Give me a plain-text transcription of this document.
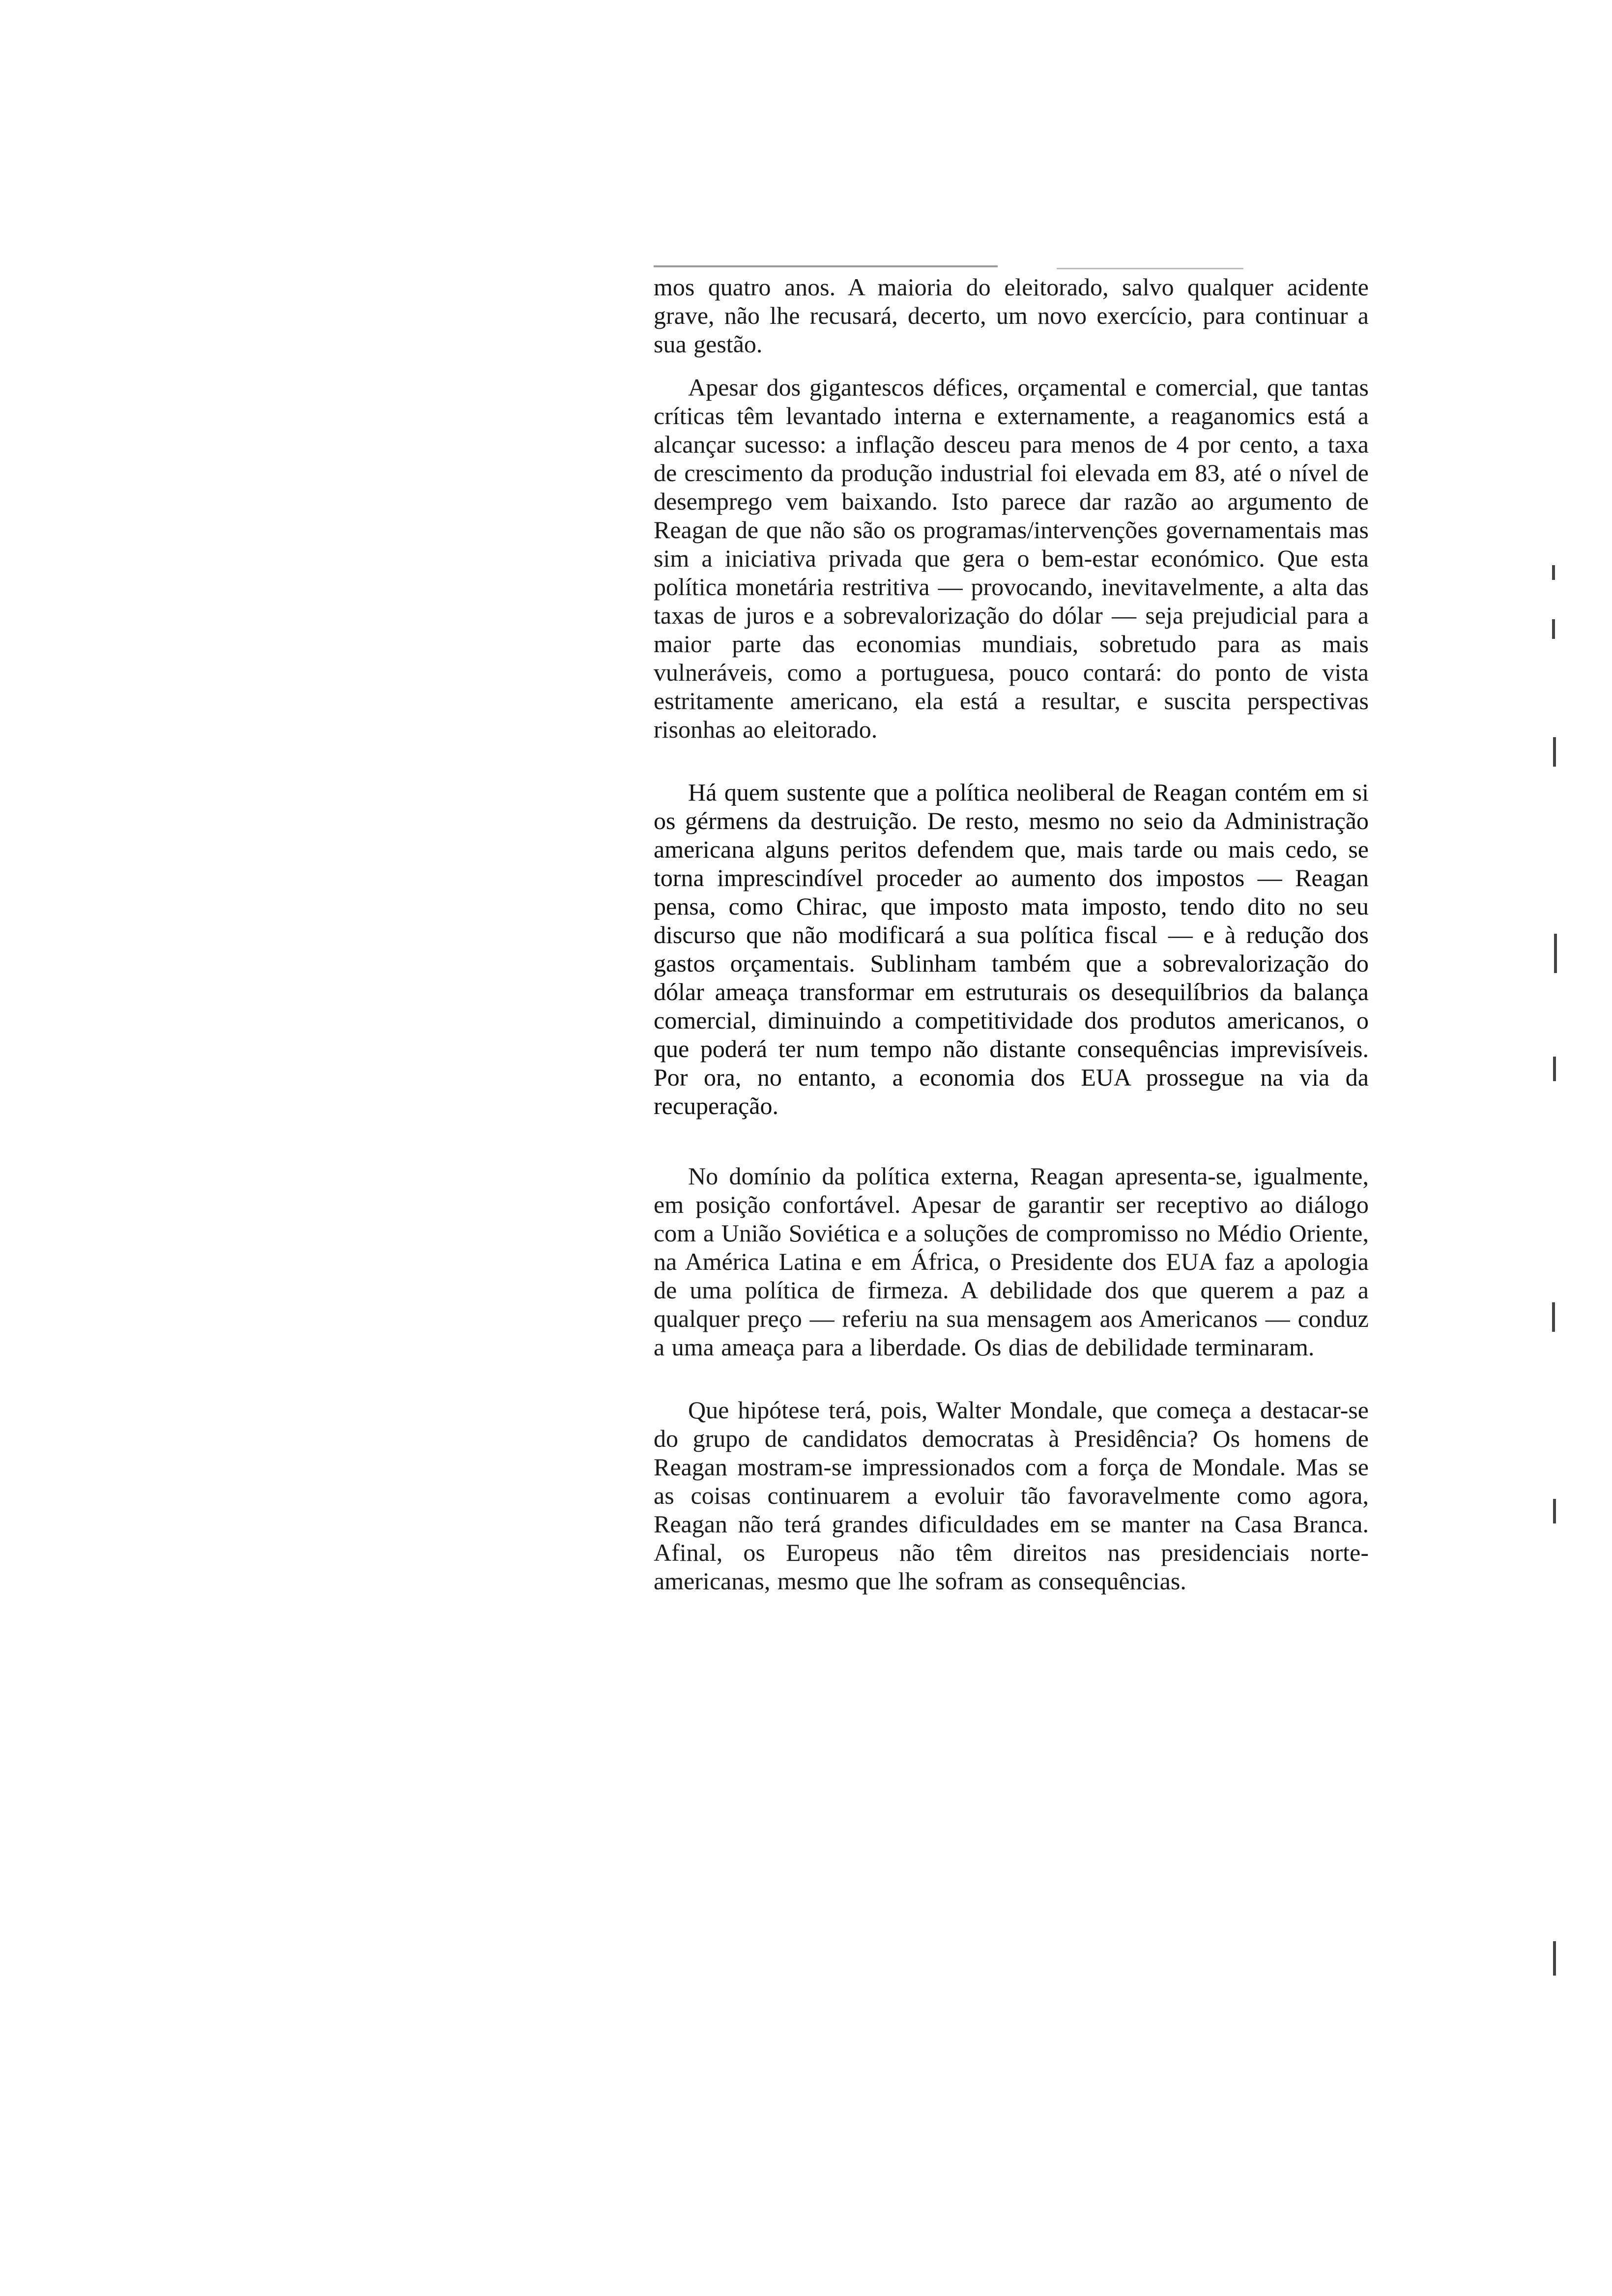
mos quatro anos. A maioria do eleitorado, salvo qualquer acidente grave, não lhe recusará, decerto, um novo exercício, para continuar a sua gestão.

Apesar dos gigantescos défices, orçamental e comercial, que tantas críticas têm levantado interna e externamente, a reaganomics está a alcançar sucesso: a inflação desceu para menos de 4 por cento, a taxa de crescimento da produção industrial foi elevada em 83, até o nível de desemprego vem baixando. Isto parece dar razão ao argumento de Reagan de que não são os programas/intervenções governamentais mas sim a iniciativa privada que gera o bem-estar económico. Que esta política monetária restritiva — provocando, inevitavelmente, a alta das taxas de juros e a sobrevalorização do dólar — seja prejudicial para a maior parte das economias mundiais, sobretudo para as mais vulneráveis, como a portuguesa, pouco contará: do ponto de vista estritamente americano, ela está a resultar, e suscita perspectivas risonhas ao eleitorado.

Há quem sustente que a política neoliberal de Reagan contém em si os gérmens da destruição. De resto, mesmo no seio da Administração americana alguns peritos defendem que, mais tarde ou mais cedo, se torna imprescindível proceder ao aumento dos impostos — Reagan pensa, como Chirac, que imposto mata imposto, tendo dito no seu discurso que não modificará a sua política fiscal — e à redução dos gastos orçamentais. Sublinham também que a sobrevalorização do dólar ameaça transformar em estruturais os desequilíbrios da balança comercial, diminuindo a competitividade dos produtos americanos, o que poderá ter num tempo não distante consequências imprevisíveis. Por ora, no entanto, a economia dos EUA prossegue na via da recuperação.

No domínio da política externa, Reagan apresenta-se, igualmente, em posição confortável. Apesar de garantir ser receptivo ao diálogo com a União Soviética e a soluções de compromisso no Médio Oriente, na América Latina e em África, o Presidente dos EUA faz a apologia de uma política de firmeza. A debilidade dos que querem a paz a qualquer preço — referiu na sua mensagem aos Americanos — conduz a uma ameaça para a liberdade. Os dias de debilidade terminaram.

Que hipótese terá, pois, Walter Mondale, que começa a destacar-se do grupo de candidatos democratas à Presidência? Os homens de Reagan mostram-se impressionados com a força de Mondale. Mas se as coisas continuarem a evoluir tão favoravelmente como agora, Reagan não terá grandes dificuldades em se manter na Casa Branca. Afinal, os Europeus não têm direitos nas presidenciais norte-americanas, mesmo que lhe sofram as consequências.
